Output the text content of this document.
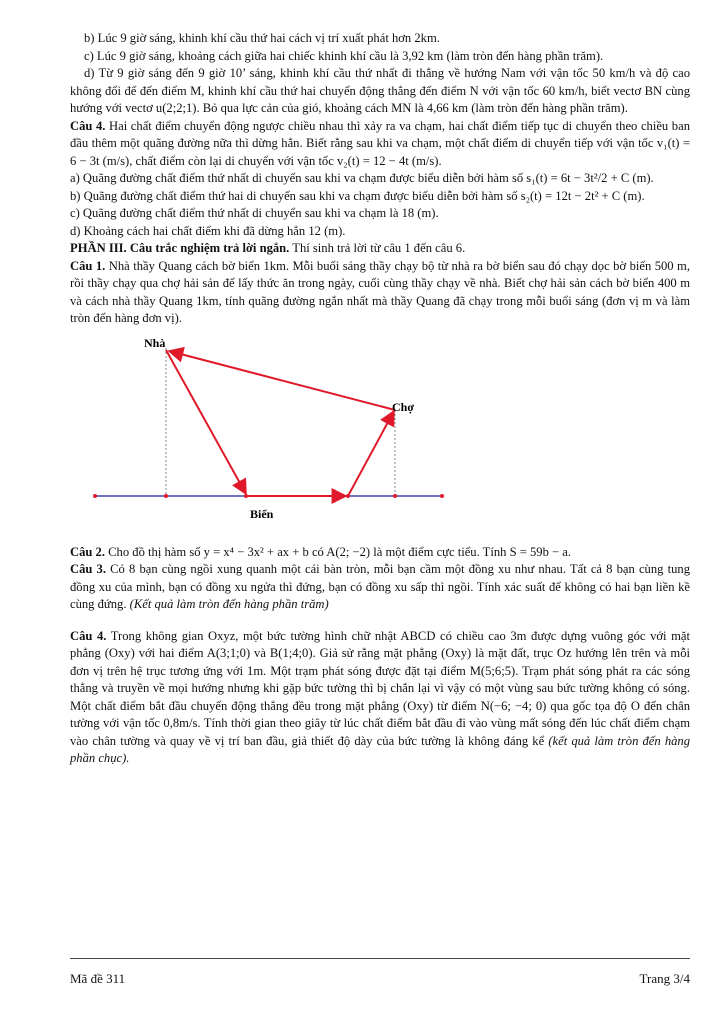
b) Lúc 9 giờ sáng, khinh khí cầu thứ hai cách vị trí xuất phát hơn 2km.

c) Lúc 9 giờ sáng, khoảng cách giữa hai chiếc khinh khí cầu là 3,92 km (làm tròn đến hàng phần trăm).

d) Từ 9 giờ sáng đến 9 giờ 10’ sáng, khinh khí cầu thứ nhất đi thẳng về hướng Nam với vận tốc 50 km/h và độ cao không đổi để đến điểm M, khinh khí cầu thứ hai chuyển động thẳng đến điểm N với vận tốc 60 km/h, biết vectơ BN cùng hướng với vectơ u(2;2;1). Bỏ qua lực cản của gió, khoảng cách MN là 4,66 km (làm tròn đến hàng phần trăm).

Câu 4. Hai chất điểm chuyển động ngược chiều nhau thì xảy ra va chạm, hai chất điểm tiếp tục di chuyển theo chiều ban đầu thêm một quãng đường nữa thì dừng hẳn. Biết rằng sau khi va chạm, một chất điểm di chuyển tiếp với vận tốc v₁(t) = 6 − 3t (m/s), chất điểm còn lại di chuyển với vận tốc v₂(t) = 12 − 4t (m/s).

a) Quãng đường chất điểm thứ nhất di chuyển sau khi va chạm được biểu diễn bởi hàm số s₁(t) = 6t − 3t²/2 + C (m).

b) Quãng đường chất điểm thứ hai di chuyển sau khi va chạm được biểu diễn bởi hàm số s₂(t) = 12t − 2t² + C (m).

c) Quãng đường chất điểm thứ nhất di chuyển sau khi va chạm là 18 (m).

d) Khoảng cách hai chất điểm khi đã dừng hẳn 12 (m).

PHẦN III. Câu trắc nghiệm trả lời ngắn. Thí sinh trả lời từ câu 1 đến câu 6.

Câu 1. Nhà thầy Quang cách bờ biển 1km. Mỗi buổi sáng thầy chạy bộ từ nhà ra bờ biển sau đó chạy dọc bờ biển 500 m, rồi thầy chạy qua chợ hải sản để lấy thức ăn trong ngày, cuối cùng thầy chạy về nhà. Biết chợ hải sản cách bờ biển 400 m và cách nhà thầy Quang 1km, tính quãng đường ngắn nhất mà thầy Quang đã chạy trong mỗi buổi sáng (đơn vị m và làm tròn đến hàng đơn vị).

Nhà
Chợ
Biển

Câu 2. Cho đồ thị hàm số y = x⁴ − 3x² + ax + b có A(2; −2) là một điểm cực tiểu. Tính S = 59b − a.

Câu 3. Có 8 bạn cùng ngồi xung quanh một cái bàn tròn, mỗi bạn cầm một đồng xu như nhau. Tất cả 8 bạn cùng tung đồng xu của mình, bạn có đồng xu ngửa thì đứng, bạn có đồng xu sấp thì ngồi. Tính xác suất để không có hai bạn liền kề cùng đứng. (Kết quả làm tròn đến hàng phần trăm)

Câu 4. Trong không gian Oxyz, một bức tường hình chữ nhật ABCD có chiều cao 3m được dựng vuông góc với mặt phẳng (Oxy) với hai điểm A(3;1;0) và B(1;4;0). Giả sử rằng mặt phẳng (Oxy) là mặt đất, trục Oz hướng lên trên và mỗi đơn vị trên hệ trục tương ứng với 1m. Một trạm phát sóng được đặt tại điểm M(5;6;5). Trạm phát sóng phát ra các sóng thẳng và truyền về mọi hướng nhưng khi gặp bức tường thì bị chắn lại vì vậy có một vùng sau bức tường không có sóng. Một chất điểm bắt đầu chuyển động thẳng đều trong mặt phẳng (Oxy) từ điểm N(−6; −4; 0) qua gốc tọa độ O đến chân tường với vận tốc 0,8m/s. Tính thời gian theo giây từ lúc chất điểm bắt đầu đi vào vùng mất sóng đến lúc chất điểm chạm vào chân tường và quay về vị trí ban đầu, giả thiết độ dày của bức tường là không đáng kể (kết quả làm tròn đến hàng phần chục).

Mã đề 311	Trang 3/4
